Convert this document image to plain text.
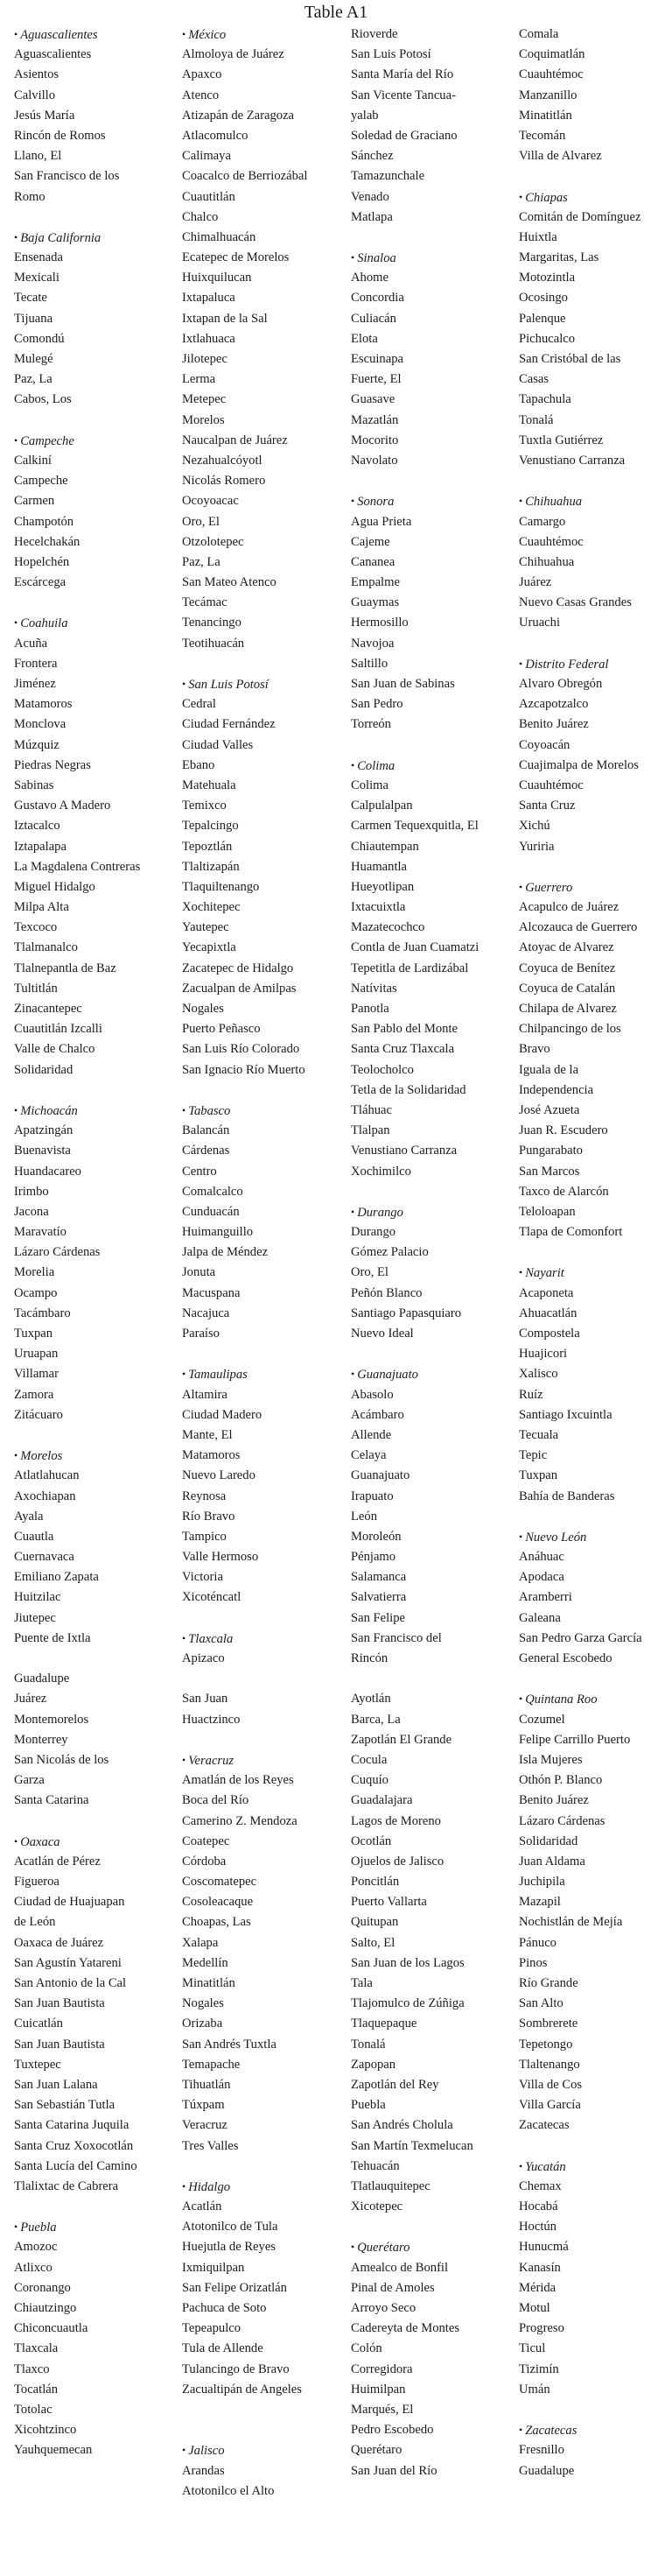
Table A1
• Aguascalientes
Aguascalientes
Asientos
Calvillo
Jesús María
Rincón de Romos
Llano, El
San Francisco de los
Romo
• Baja California
Ensenada
Mexicali
Tecate
Tijuana
Comondú
Mulegé
Paz, La
Cabos, Los
• Campeche
Calkiní
Campeche
Carmen
Champotón
Hecelchakán
Hopelchén
Escárcega
• Coahuila
Acuña
Frontera
Jiménez
Matamoros
Monclova
Múzquiz
Piedras Negras
Sabinas
Gustavo A Madero
Iztacalco
Iztapalapa
La Magdalena Contreras
Miguel Hidalgo
Milpa Alta
Texcoco
Tlalmanalco
Tlalnepantla de Baz
Tultitlán
Zinacantepec
Cuautitlán Izcalli
Valle de Chalco
Solidaridad
• Michoacán
Apatzingán
Buenavista
Huandacareo
Irimbo
Jacona
Maravatío
Lázaro Cárdenas
Morelia
Ocampo
Tacámbaro
Tuxpan
Uruapan
Villamar
Zamora
Zitácuaro
• Morelos
Atlatlahucan
Axochiapan
Ayala
Cuautla
Cuernavaca
Emiliano Zapata
Huitzilac
Jiutepec
Puente de Ixtla
Guadalupe
Juárez
Montemorelos
Monterrey
San Nicolás de los
Garza
Santa Catarina
• Oaxaca
Acatlán de Pérez
Figueroa
Ciudad de Huajuapan
de León
Oaxaca de Juárez
San Agustín Yatareni
San Antonio de la Cal
San Juan Bautista
Cuicatlán
San Juan Bautista
Tuxtepec
San Juan Lalana
San Sebastián Tutla
Santa Catarina Juquila
Santa Cruz Xoxocotlán
Santa Lucía del Camino
Tlalixtac de Cabrera
• Puebla
Amozoc
Atlixco
Coronango
Chiautzingo
Chiconcuautla
Tlaxcala
Tlaxco
Tocatlán
Totolac
Xicohtzinco
Yauhquemecan
• México
Almoloya de Juárez
Apaxco
Atenco
Atizapán de Zaragoza
Atlacomulco
Calimaya
Coacalco de Berriozábal
Cuautitlán
Chalco
Chimalhuacán
Ecatepec de Morelos
Huixquilucan
Ixtapaluca
Ixtapan de la Sal
Ixtlahuaca
Jilotepec
Lerma
Metepec
Morelos
Naucalpan de Juárez
Nezahualcóyotl
Nicolás Romero
Ocoyoacac
Oro, El
Otzolotepec
Paz, La
San Mateo Atenco
Tecámac
Tenancingo
Teotihuacán
• San Luis Potosí
Cedral
Ciudad Fernández
Ciudad Valles
Ebano
Matehuala
Temixco
Tepalcingo
Tepoztlán
Tlaltizapán
Tlaquiltenango
Xochitepec
Yautepec
Yecapixtla
Zacatepec de Hidalgo
Zacualpan de Amilpas
Nogales
Puerto Peñasco
San Luis Río Colorado
San Ignacio Río Muerto
• Tabasco
Balancán
Cárdenas
Centro
Comalcalco
Cunduacán
Huimanguillo
Jalpa de Méndez
Jonuta
Macuspana
Nacajuca
Paraíso
• Tamaulipas
Altamira
Ciudad Madero
Mante, El
Matamoros
Nuevo Laredo
Reynosa
Río Bravo
Tampico
Valle Hermoso
Victoria
Xicoténcatl
• Tlaxcala
Apizaco
San Juan
Huactzinco
• Veracruz
Amatlán de los Reyes
Boca del Río
Camerino Z. Mendoza
Coatepec
Córdoba
Coscomatepec
Cosoleacaque
Choapas, Las
Xalapa
Medellín
Minatitlán
Nogales
Orizaba
San Andrés Tuxtla
Temapache
Tihuatlán
Túxpam
Veracruz
Tres Valles
• Hidalgo
Acatlán
Atotonilco de Tula
Huejutla de Reyes
Ixmiquilpan
San Felipe Orizatlán
Pachuca de Soto
Tepeapulco
Tula de Allende
Tulancingo de Bravo
Zacualtipán de Angeles
• Jalisco
Arandas
Atotonilco el Alto
Rioverde
San Luis Potosí
Santa María del Río
San Vicente Tancua-
yalab
Soledad de Graciano
Sánchez
Tamazunchale
Venado
Matlapa
• Sinaloa
Ahome
Concordia
Culiacán
Elota
Escuinapa
Fuerte, El
Guasave
Mazatlán
Mocorito
Navolato
• Sonora
Agua Prieta
Cajeme
Cananea
Empalme
Guaymas
Hermosillo
Navojoa
Saltillo
San Juan de Sabinas
San Pedro
Torreón
• Colima
Colima
Calpulalpan
Carmen Tequexquitla, El
Chiautempan
Huamantla
Hueyotlipan
Ixtacuixtla
Mazatecochco
Contla de Juan Cuamatzi
Tepetitla de Lardizábal
Natívitas
Panotla
San Pablo del Monte
Santa Cruz Tlaxcala
Teolocholco
Tetla de la Solidaridad
Tláhuac
Tlalpan
Venustiano Carranza
Xochimilco
• Durango
Durango
Gómez Palacio
Oro, El
Peñón Blanco
Santiago Papasquiaro
Nuevo Ideal
• Guanajuato
Abasolo
Acámbaro
Allende
Celaya
Guanajuato
Irapuato
León
Moroleón
Pénjamo
Salamanca
Salvatierra
San Felipe
San Francisco del
Rincón
Ayotlán
Barca, La
Zapotlán El Grande
Cocula
Cuquío
Guadalajara
Lagos de Moreno
Ocotlán
Ojuelos de Jalisco
Poncitlán
Puerto Vallarta
Quitupan
Salto, El
San Juan de los Lagos
Tala
Tlajomulco de Zúñiga
Tlaquepaque
Tonalá
Zapopan
Zapotlán del Rey
Puebla
San Andrés Cholula
San Martín Texmelucan
Tehuacán
Tlatlauquitepec
Xicotepec
• Querétaro
Amealco de Bonfil
Pinal de Amoles
Arroyo Seco
Cadereyta de Montes
Colón
Corregidora
Huimilpan
Marqués, El
Pedro Escobedo
Querétaro
San Juan del Río
Comala
Coquimatlán
Cuauhtémoc
Manzanillo
Minatitlán
Tecomán
Villa de Alvarez
• Chiapas
Comitán de Domínguez
Huixtla
Margaritas, Las
Motozintla
Ocosingo
Palenque
Pichucalco
San Cristóbal de las
Casas
Tapachula
Tonalá
Tuxtla Gutiérrez
Venustiano Carranza
• Chihuahua
Camargo
Cuauhtémoc
Chihuahua
Juárez
Nuevo Casas Grandes
Uruachi
• Distrito Federal
Alvaro Obregón
Azcapotzalco
Benito Juárez
Coyoacán
Cuajimalpa de Morelos
Cuauhtémoc
Santa Cruz
Xichú
Yuriria
• Guerrero
Acapulco de Juárez
Alcozauca de Guerrero
Atoyac de Alvarez
Coyuca de Benítez
Coyuca de Catalán
Chilapa de Alvarez
Chilpancingo de los
Bravo
Iguala de la
Independencia
José Azueta
Juan R. Escudero
Pungarabato
San Marcos
Taxco de Alarcón
Teloloapan
Tlapa de Comonfort
• Nayarit
Acaponeta
Ahuacatlán
Compostela
Huajicori
Xalisco
Ruíz
Santiago Ixcuintla
Tecuala
Tepic
Tuxpan
Bahía de Banderas
• Nuevo León
Anáhuac
Apodaca
Aramberri
Galeana
San Pedro Garza García
General Escobedo
• Quintana Roo
Cozumel
Felipe Carrillo Puerto
Isla Mujeres
Othón P. Blanco
Benito Juárez
Lázaro Cárdenas
Solidaridad
Juan Aldama
Juchipila
Mazapil
Nochistlán de Mejía
Pánuco
Pinos
Río Grande
San Alto
Sombrerete
Tepetongo
Tlaltenango
Villa de Cos
Villa García
Zacatecas
• Yucatán
Chemax
Hocabá
Hoctún
Hunucmá
Kanasín
Mérida
Motul
Progreso
Ticul
Tizimín
Umán
• Zacatecas
Fresnillo
Guadalupe
